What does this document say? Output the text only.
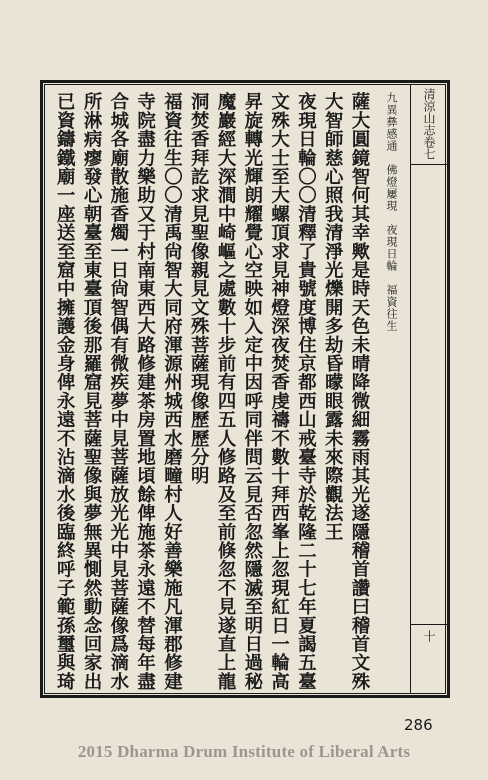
清涼山志卷七
十
九異彝感通　佛燈屢現　夜現日輪　福資往生
薩大圓鏡智何其幸歟是時天色未晴降微細霧雨其光遂隱稽首讚曰稽首文殊
大智師慈心照我清淨光爍開多劫昏曚眼露未來際觀法王
夜現日輪〇〇清釋了貴號度博住京都西山戒臺寺於乾隆二十七年夏謁五臺
文殊大士至大螺頂求見神燈深夜焚香虔禱不數十拜西峯上忽現紅日一輪高
昇旋轉光輝朗耀覺心空映如入定中因呼同伴問云見否忽然隱滅至明日過秘
魔巖經大深澗中崎嶇之處數十步前有四五人修路及至前倏忽不見遂直上龍
洞焚香拜訖求見聖像親見文殊菩薩現像歷歷分明
福資往生〇〇清禹尙智大同府渾源州城西水磨疃村人好善樂施凡渾郡修建
寺院盡力樂助又于村南東西大路修建茶房置地頃餘俾施茶永遠不替每年盡
合城各廟散施香燭一日尙智偶有微疾夢中見菩薩放光光中見菩薩像爲滴水
所淋病瘳發心朝臺至東臺頂後那羅窟見菩薩聖像與夢無異惻然動念回家出
已資鑄鐵廟一座送至窟中擁護金身俾永遠不沾滴水後臨終呼子範孫璽與琦
286
2015 Dharma Drum Institute of Liberal Arts
